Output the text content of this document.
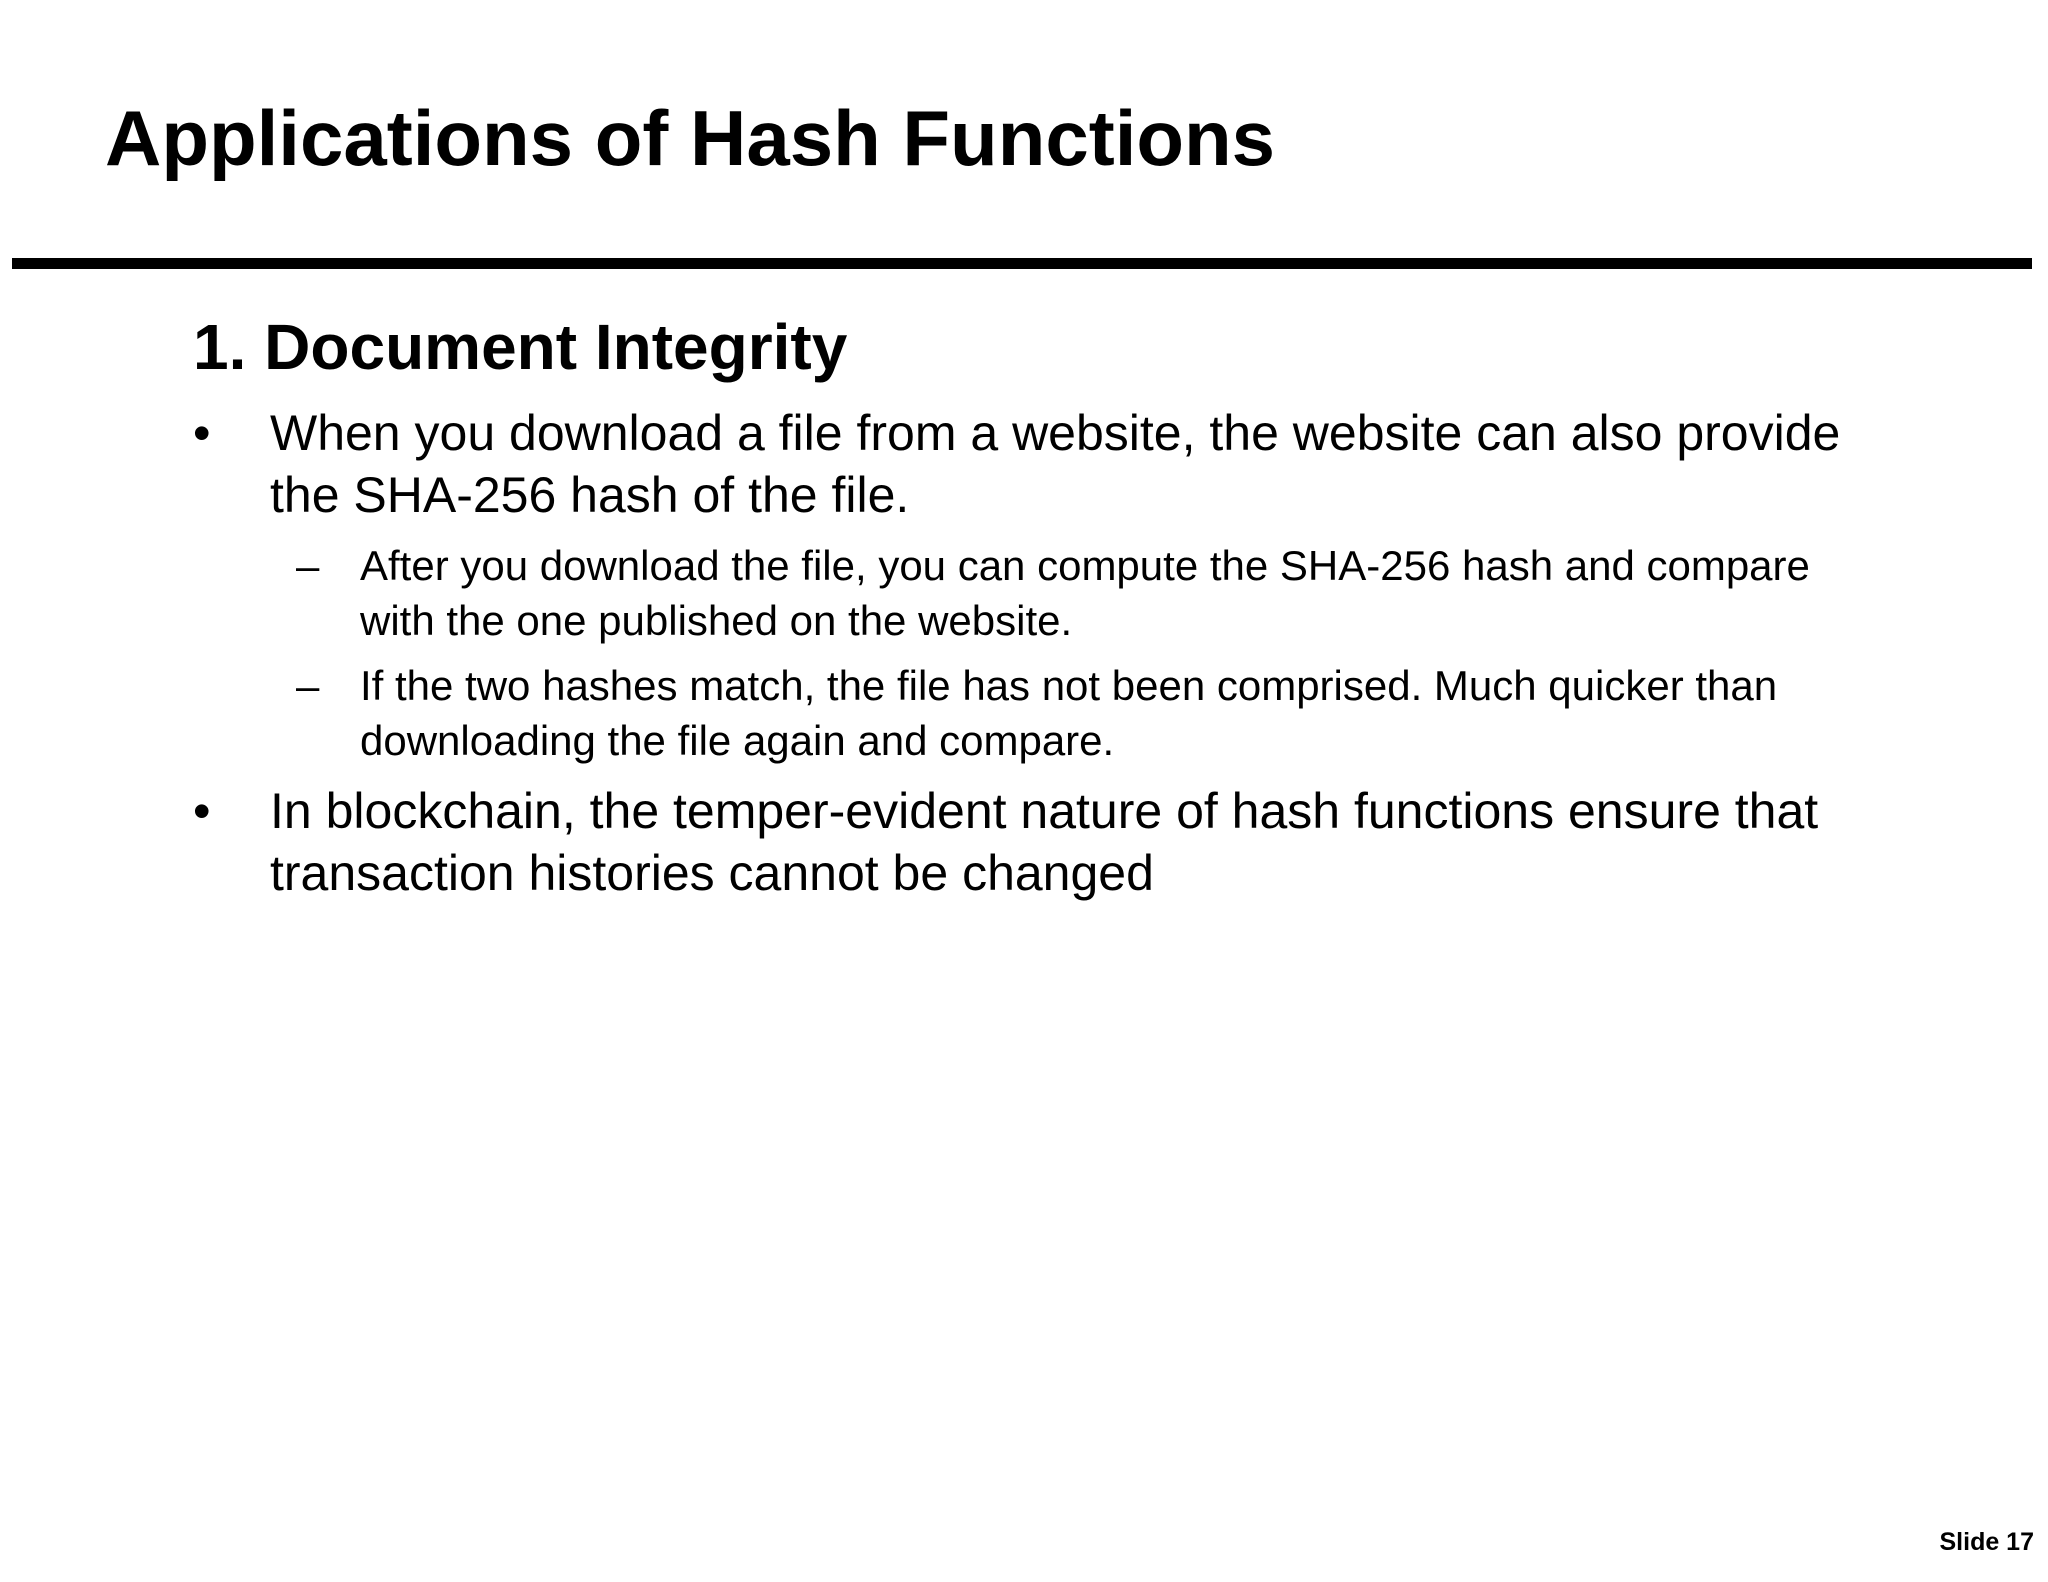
Applications of Hash Functions
1. Document Integrity
•	When you download a file from a website, the website can also provide the SHA-256 hash of the file.
– After you download the file, you can compute the SHA-256 hash and compare with the one published on the website.
– If the two hashes match, the file has not been comprised. Much quicker than downloading the file again and compare.
•	In blockchain, the temper-evident nature of hash functions ensure that transaction histories cannot be changed
Slide 17
